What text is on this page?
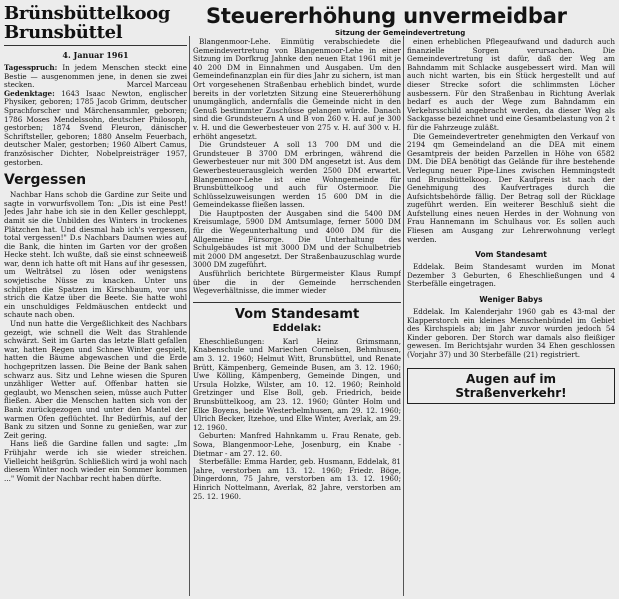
Brünsbüttelkoog
Brunsbüttel
4. Januar 1961

Tagesspruch: In jedem Menschen steckt eine Bestie — ausgenommen jene, in denen sie zwei stecken.	Marcel Marceau

Gedenktage: 1643 Isaac Newton, englischer Physiker, geboren; 1785 Jacob Grimm, deutscher Sprachforscher und Märchensammler, geboren; 1786 Moses Mendelssohn, deutscher Philosoph, gestorben; 1874 Svend Fleuron, dänischer Schriftsteller, geboren; 1880 Anselm Feuerbach, deutscher Maler, gestorben; 1960 Albert Camus, französischer Dichter, Nobelpreisträger 1957, gestorben.

Vergessen

Nachbar Hans schob die Gardine zur Seite und sagte in vorwurfsvollem Ton: „Dis ist eine Pest! Jedes Jahr habe ich sie in den Keller geschleppt, damit sie die Unbilden des Winters in trockenes Plätzchen hat. Und diesmal hab ich's vergessen, total vergessen!" D.s Nachbars Daumen wies auf die Bank, die hinten im Garten vor der großen Hecke steht. Ich wußte, daß sie einst schneeweiß war, denn ich hatte oft mit Hans auf ihr gesessen, um Welträtsel zu lösen oder wenigstens sowjetische Nüsse zu knacken. Unter uns schilpten die Spatzen im Kirschbaum, vor uns strich die Katze über die Beete. Sie hatte wohl ein unschuldiges Feldmäuschen entdeckt und schaute nach oben.

Und nun hatte die Vergeßlichkeit des Nachbars gezeigt, wie schnell die Welt das Strahlende schwärzt. Seit im Garten das letzte Blatt gefallen war, hatten Regen und Schnee Winter gespielt, hatten die Bäume abgewaschen und die Erde hochgepritzen lassen. Die Beine der Bank sahen schwarz aus. Sitz und Lehne wiesen die Spuren unzähliger Wetter auf. Offenbar hatten sie geglaubt, wo Menschen seien, müsse auch Putter fließen. Aber die Menschen hatten sich von der Bank zurückgezogen und unter den Mantel der warmen Ofen geflüchtet. Ihr Bedürfnis, auf der Bank zu sitzen und Sonne zu genießen, war zur Zeit gering.

Hans ließ die Gardine fallen und sagte: „Im Frühjahr werde ich sie wieder streichen. Vielleicht heißgrün. Schließlich wird ja wohl nach diesem Winter noch wieder ein Sommer kommen ..." Womit der Nachbar recht haben dürfte.

Steuererhöhung unvermeidbar
Sitzung der Gemeindevertretung

Blangenmoor-Lehe. Einmütig verabschiedete die Gemeindevertretung von Blangenmoor-Lehe in einer Sitzung im Dorfkrug Jahnke den neuen Etat 1961 mit je 40 200 DM in Einnahmen und Ausgaben. Um den Gemeindefinanzplan ein für dies Jahr zu sichern, ist man Ort vorgesehenen Straßenbau erheblich bindet, wurde bereits in der vorletzten Sitzung eine Steuererhöhung unumgänglich, andernfalls die Gemeinde nicht in den Genuß bestimmter Zuschüsse gelangen würde. Danach sind die Grundsteuern A und B von 260 v. H. auf je 300 v. H. und die Gewerbesteuer von 275 v. H. auf 300 v. H. erhöht angesetzt.

Die Grundsteuer A soll 13 700 DM und die Grundsteuer B 3700 DM erbringen, während die Gewerbesteuer nur mit 300 DM angesetzt ist. Aus dem Gewerbesteuerausgleich werden 2500 DM erwartet. Blangenmoor-Lehe ist eine Wohngemeinde für Brunsbüttelkoog und auch für Ostermoor. Die Schlüsselzuweisungen werden 15 600 DM in die Gemeindekasse fließen lassen.

Die Hauptposten der Ausgaben sind die 5400 DM Kreisumlage, 5900 DM Amtsumlage, ferner 5000 DM für die Wegeunterhaltung und 4000 DM für die Allgemeine Fürsorge. Die Unterhaltung des Schulgebäudes ist mit 3000 DM und der Schulbetrieb mit 2000 DM angesetzt. Der Straßenbauzuschlag wurde 3000 DM zugeführt.

Ausführlich berichtete Bürgermeister Klaus Rumpf über die in der Gemeinde herrschenden Wegeverhältnisse, die immer wieder

Vom Standesamt
Eddelak:

Eheschließungen: Karl Heinz Grimsmann, Knabenschule und Mariechen Cornelsen, Behmhusen, am 3. 12. 1960; Helmut Witt, Brunsbüttel, und Renate Brütt, Kämpenberg, Gemeinde Busen, am 3. 12. 1960; Uwe Kölling, Kämpenberg, Gemeinde Dingen, und Ursula Holzke, Wilster, am 10. 12. 1960; Reinhold Gretzinger und Else Boll, geb. Friedrich, beide Brunsbüttelkoog, am 23. 12. 1960; Günter Holm und Elke Boyens, beide Westerbelmhusen, am 29. 12. 1960; Ulrich Becker, Itzehoe, und Elke Winter, Averlak, am 29. 12. 1960.

Geburten: Manfred Hahnkamm u. Frau Renate, geb. Sowa, Blangenmoor-Lehe, Josenburg, ein Knabe - Dietmar - am 27. 12. 60.

Sterbefälle: Emma Harder, geb. Husmann, Eddelak, 81 Jahre, verstorben am 13. 12. 1960; Friedr. Böge, Dingerdonn, 75 Jahre, verstorben am 13. 12. 1960; Hinrich Nottelmann, Averlak, 82 Jahre, verstorben am 25. 12. 1960.

einen erheblichen Pflegeaufwand und dadurch auch finanzielle Sorgen verursachen. Die Gemeindevertretung ist dafür, daß der Weg am Bahndamm mit Schlacke ausgebessert wird. Man will auch nicht warten, bis ein Stück hergestellt und auf dieser Strecke sofort die schlimmsten Löcher ausbessern. Für den Straßenbau in Richtung Averlak bedarf es auch der Wege zum Bahndamm ein Verkehrsschild angebracht werden, da dieser Weg als Sackgasse bezeichnet und eine Gesamtbelastung von 2 t für die Fahrzeuge zuläßt.

Die Gemeindevertreter genehmigten den Verkauf von 2194 qm Gemeindeland an die DEA mit einem Gesamtpreis der beiden Parzellen in Höhe von 6582 DM. Die DEA benötigt das Gelände für ihre bestehende Verlegung neuer Pipe-Lines zwischen Hemmingstedt und Brunsbüttelkoog. Der Kaufpreis ist nach der Genehmigung des Kaufvertrages durch die Aufsichtsbehörde fällig. Der Betrag soll der Rücklage zugeführt werden. Ein weiterer Beschluß sieht die Aufstellung eines neuen Herdes in der Wohnung von Frau Hannemann im Schulhaus vor. Es sollen auch Fliesen am Ausgang zur Lehrerwohnung verlegt werden.

Vom Standesamt

Eddelak. Beim Standesamt wurden im Monat Dezember 3 Geburten, 6 Eheschließungen und 4 Sterbefälle eingetragen.

Weniger Babys

Eddelak. Im Kalenderjahr 1960 gab es 43-mal der Klapperstorch ein kleines Menschenbündel im Gebiet des Kirchspiels ab; im Jahr zuvor wurden jedoch 54 Kinder geboren. Der Storch war damals also fleißiger gewesen. Im Berichtsjahr wurden 34 Ehen geschlossen (Vorjahr 37) und 30 Sterbefälle (21) registriert.

Augen auf im Straßenverkehr!
